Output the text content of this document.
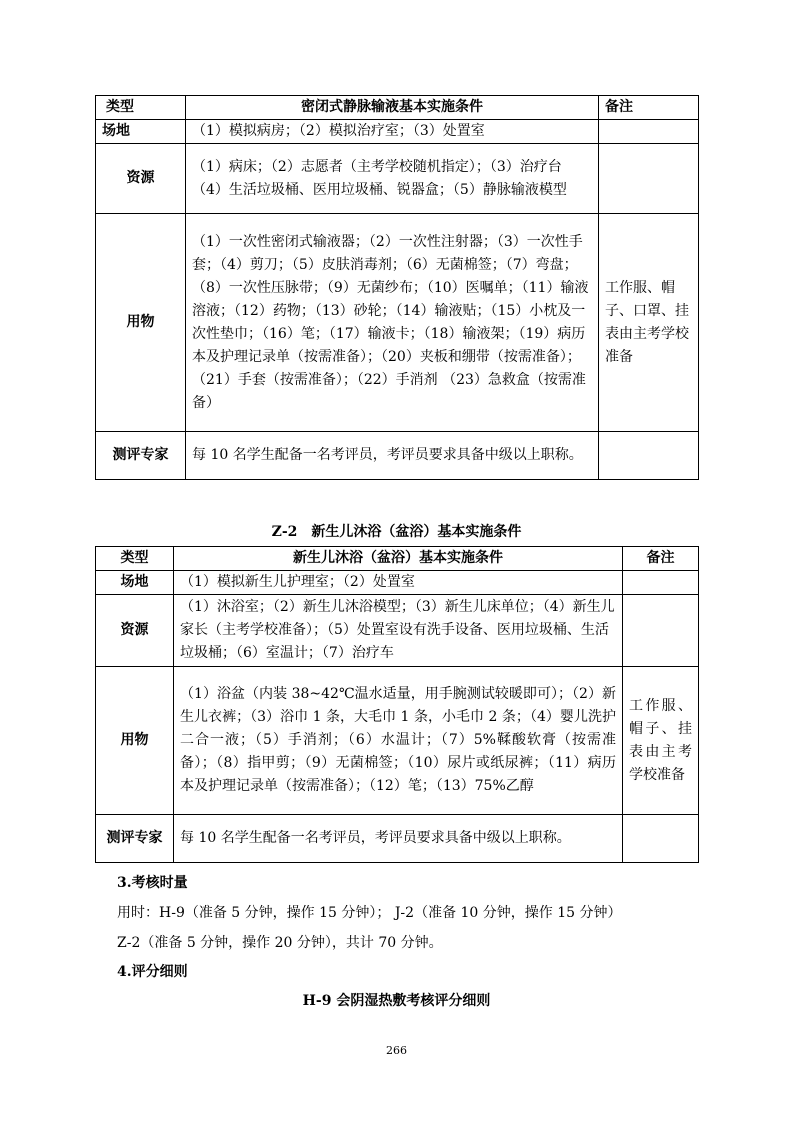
类型	密闭式静脉输液基本实施条件	备注
场地	（1）模拟病房；（2）模拟治疗室；（3）处置室	
资源	（1）病床；（2）志愿者（主考学校随机指定）；（3）治疗台 （4）生活垃圾桶、医用垃圾桶、锐器盒；（5）静脉输液模型	
用物	（1）一次性密闭式输液器；（2）一次性注射器；（3）一次性手套；（4）剪刀；（5）皮肤消毒剂；（6）无菌棉签；（7）弯盘；（8）一次性压脉带；（9）无菌纱布；（10）医嘱单；（11）输液溶液；（12）药物；（13）砂轮；（14）输液贴；（15）小枕及一次性垫巾；（16）笔；（17）输液卡；（18）输液架；（19）病历本及护理记录单（按需准备）；（20）夹板和绷带（按需准备）；（21）手套（按需准备）；（22）手消剂 （23）急救盒（按需准备）	工作服、帽子、口罩、挂表由主考学校准备
测评专家	每 10 名学生配备一名考评员，考评员要求具备中级以上职称。	
Z-2　新生儿沐浴（盆浴）基本实施条件
类型	新生儿沐浴（盆浴）基本实施条件	备注
场地	（1）模拟新生儿护理室；（2）处置室	
资源	（1）沐浴室；（2）新生儿沐浴模型；（3）新生儿床单位；（4）新生儿家长（主考学校准备）；（5）处置室设有洗手设备、医用垃圾桶、生活垃圾桶；（6）室温计；（7）治疗车	
用物	（1）浴盆（内装 38~42℃温水适量，用手腕测试较暖即可）；（2）新生儿衣裤；（3）浴巾 1 条，大毛巾 1 条，小毛巾 2 条；（4）婴儿洗护二合一液；（5）手消剂；（6）水温计；（7）5%鞣酸软膏（按需准备）；（8）指甲剪；（9）无菌棉签；（10）尿片或纸尿裤；（11）病历本及护理记录单（按需准备）；（12）笔；（13）75%乙醇	工作服、帽子、挂表由主考学校准备
测评专家	每 10 名学生配备一名考评员，考评员要求具备中级以上职称。	
3.考核时量
用时：H-9（准备 5 分钟，操作 15 分钟）； J-2（准备 10 分钟，操作 15 分钟）
Z-2（准备 5 分钟，操作 20 分钟），共计 70 分钟。
4.评分细则
H-9 会阴湿热敷考核评分细则
266
